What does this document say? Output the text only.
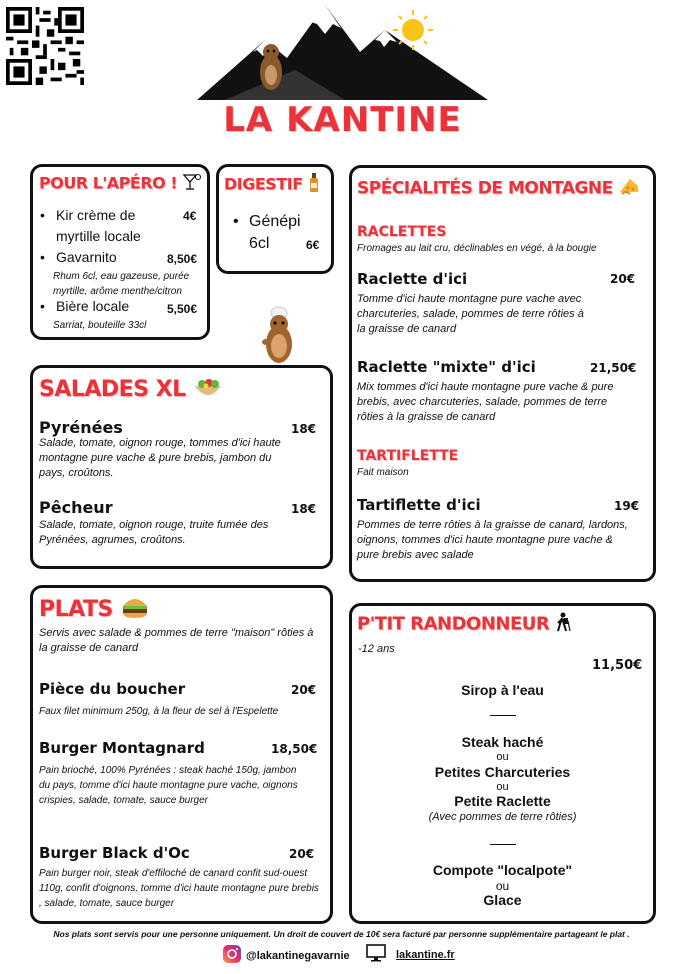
LA KANTINE
POUR L'APÉRO !
• Kir crème de myrtille locale
4€
• Gavarnito	8,50€
Rhum 6cl, eau gazeuse, purée myrtille, arôme menthe/citron
• Bière locale	5,50€
Sarriat, bouteille 33cl
DIGESTIF
• Génépi 6cl	6€
SALADES XL
Pyrénées	18€
Salade, tomate, oignon rouge, tommes d'ici haute montagne pure vache & pure brebis, jambon du pays, croûtons.
Pêcheur	18€
Salade, tomate, oignon rouge, truite fumée des Pyrénées, agrumes, croûtons.
PLATS
Servis avec salade & pommes de terre "maison" rôties à la graisse de canard
Pièce du boucher	20€
Faux filet minimum 250g, à la fleur de sel à l'Espelette
Burger Montagnard	18,50€
Pain brioché, 100% Pyrénées : steak haché 150g, jambon du pays, tomme d'ici haute montagne pure vache, oignons crispies, salade, tomate, sauce burger
Burger Black d'Oc	20€
Pain burger noir, steak d'effiloché de canard confit sud-ouest 110g, confit d'oignons, tomme d'ici haute montagne pure brebis , salade, tomate, sauce burger
SPÉCIALITÉS DE MONTAGNE
RACLETTES
Fromages au lait cru, déclinables en végé, à la bougie
Raclette d'ici	20€
Tomme d'ici haute montagne pure vache avec charcuteries, salade, pommes de terre rôties à la graisse de canard
Raclette "mixte" d'ici	21,50€
Mix tommes d'ici haute montagne pure vache & pure brebis, avec charcuteries, salade, pommes de terre rôties à la graisse de canard
TARTIFLETTE
Fait maison
Tartiflette d'ici	19€
Pommes de terre rôties à la graisse de canard, lardons, oignons, tommes d'ici haute montagne pure vache & pure brebis avec salade
P'TIT RANDONNEUR
-12 ans
11,50€
Sirop à l'eau
Steak haché
ou
Petites Charcuteries
ou
Petite Raclette
(Avec pommes de terre rôties)
Compote "localpote"
ou
Glace
Nos plats sont servis pour une personne uniquement. Un droit de couvert de 10€ sera facturé par personne supplémentaire partageant le plat .
@lakantinegavarnie	lakantine.fr
